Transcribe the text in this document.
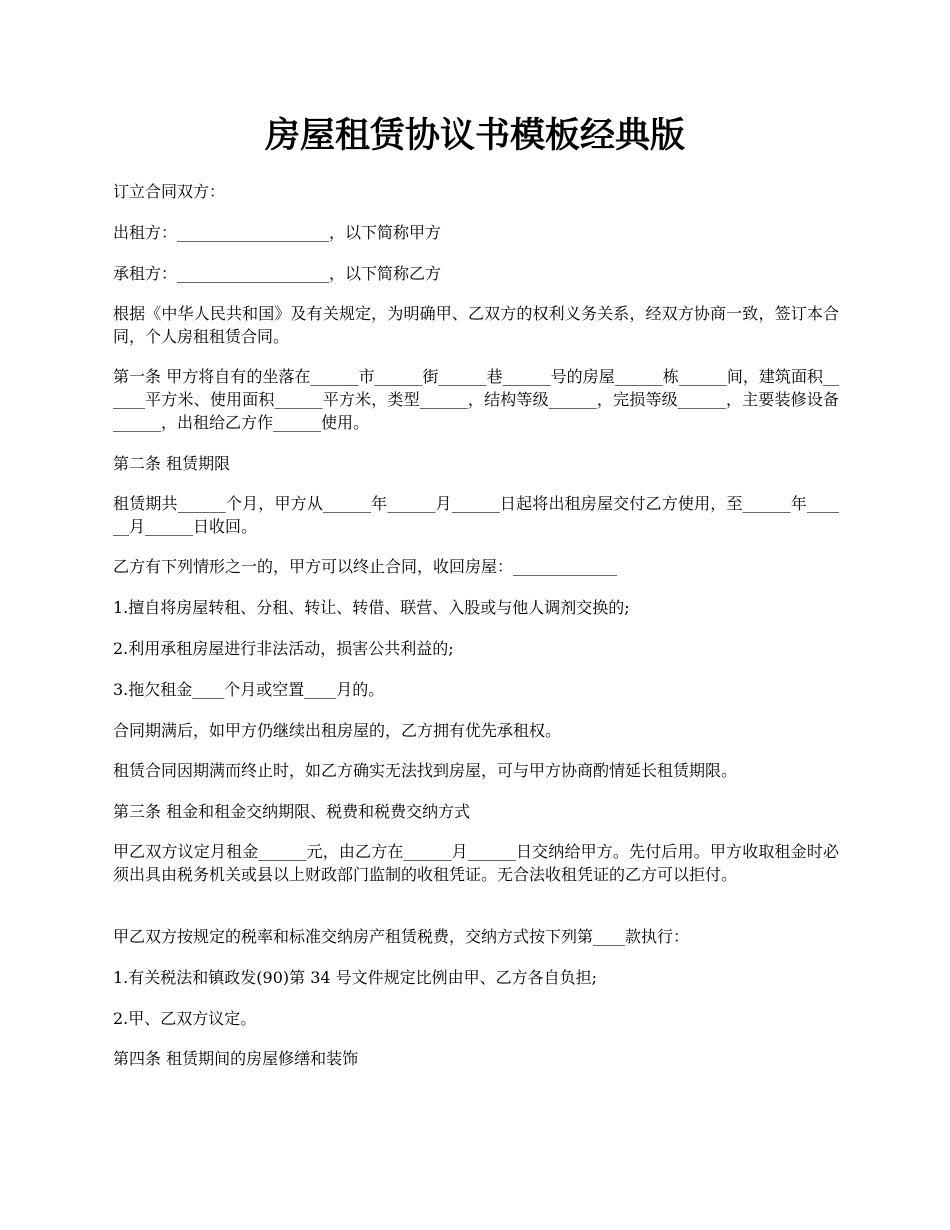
房屋租赁协议书模板经典版

订立合同双方：

出租方：___________________，以下简称甲方

承租方：___________________，以下简称乙方

根据《中华人民共和国》及有关规定，为明确甲、乙双方的权利义务关系，经双方协商一致，签订本合同，个人房租租赁合同。

第一条 甲方将自有的坐落在______市______街______巷______号的房屋______栋______间，建筑面积______平方米、使用面积______平方米，类型______，结构等级______，完损等级______，主要装修设备______，出租给乙方作______使用。

第二条 租赁期限

租赁期共______个月，甲方从______年______月______日起将出租房屋交付乙方使用，至______年______月______日收回。

乙方有下列情形之一的，甲方可以终止合同，收回房屋：_____________

1.擅自将房屋转租、分租、转让、转借、联营、入股或与他人调剂交换的;

2.利用承租房屋进行非法活动，损害公共利益的;

3.拖欠租金____个月或空置____月的。

合同期满后，如甲方仍继续出租房屋的，乙方拥有优先承租权。

租赁合同因期满而终止时，如乙方确实无法找到房屋，可与甲方协商酌情延长租赁期限。

第三条 租金和租金交纳期限、税费和税费交纳方式

甲乙双方议定月租金______元，由乙方在______月______日交纳给甲方。先付后用。甲方收取租金时必须出具由税务机关或县以上财政部门监制的收租凭证。无合法收租凭证的乙方可以拒付。

甲乙双方按规定的税率和标准交纳房产租赁税费，交纳方式按下列第____款执行：

1.有关税法和镇政发(90)第 34 号文件规定比例由甲、乙方各自负担;

2.甲、乙双方议定。

第四条 租赁期间的房屋修缮和装饰
